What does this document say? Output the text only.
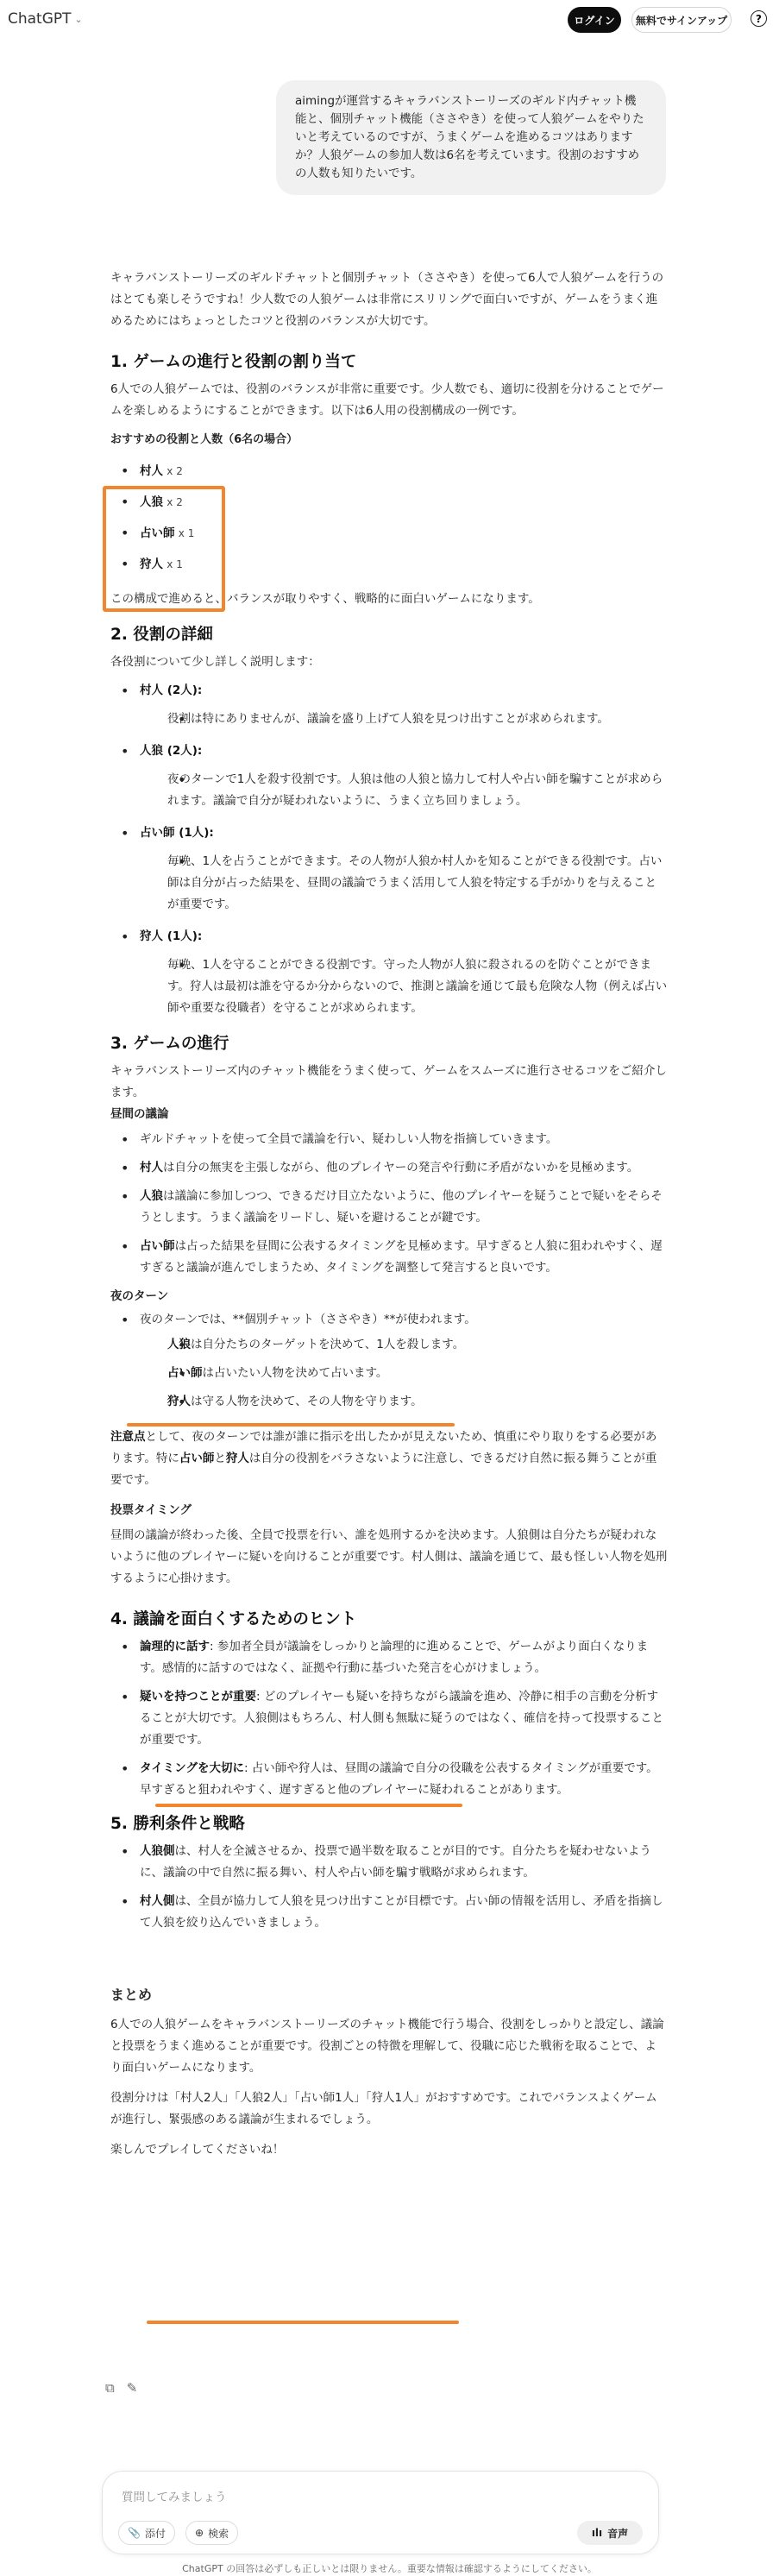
ChatGPT ⌄	ログイン	無料でサインアップ	?
aimingが運営するキャラバンストーリーズのギルド内チャット機能と、個別チャット機能（ささやき）を使って人狼ゲームをやりたいと考えているのですが、うまくゲームを進めるコツはありますか？人狼ゲームの参加人数は6名を考えています。役割のおすすめの人数も知りたいです。

キャラバンストーリーズのギルドチャットと個別チャット（ささやき）を使って6人で人狼ゲームを行うのはとても楽しそうですね！少人数での人狼ゲームは非常にスリリングで面白いですが、ゲームをうまく進めるためにはちょっとしたコツと役割のバランスが大切です。

1. ゲームの進行と役割の割り当て

6人での人狼ゲームでは、役割のバランスが非常に重要です。少人数でも、適切に役割を分けることでゲームを楽しめるようにすることができます。以下は6人用の役割構成の一例です。

おすすめの役割と人数（6名の場合）
• 村人 x 2
• 人狼 x 2
• 占い師 x 1
• 狩人 x 1

この構成で進めると、バランスが取りやすく、戦略的に面白いゲームになります。

2. 役割の詳細

各役割について少し詳しく説明します：

• 村人 (2人):
• 役割は特にありませんが、議論を盛り上げて人狼を見つけ出すことが求められます。
• 人狼 (2人):
• 夜のターンで1人を殺す役割です。人狼は他の人狼と協力して村人や占い師を騙すことが求められます。議論で自分が疑われないように、うまく立ち回りましょう。
• 占い師 (1人):
• 毎晩、1人を占うことができます。その人物が人狼か村人かを知ることができる役割です。占い師は自分が占った結果を、昼間の議論でうまく活用して人狼を特定する手がかりを与えることが重要です。
• 狩人 (1人):
• 毎晩、1人を守ることができる役割です。守った人物が人狼に殺されるのを防ぐことができます。狩人は最初は誰を守るか分からないので、推測と議論を通じて最も危険な人物（例えば占い師や重要な役職者）を守ることが求められます。
3. ゲームの進行

キャラバンストーリーズ内のチャット機能をうまく使って、ゲームをスムーズに進行させるコツをご紹介します。

昼間の議論
• ギルドチャットを使って全員で議論を行い、疑わしい人物を指摘していきます。
• 村人は自分の無実を主張しながら、他のプレイヤーの発言や行動に矛盾がないかを見極めます。
• 人狼は議論に参加しつつ、できるだけ目立たないように、他のプレイヤーを疑うことで疑いをそらそうとします。うまく議論をリードし、疑いを避けることが鍵です。
• 占い師は占った結果を昼間に公表するタイミングを見極めます。早すぎると人狼に狙われやすく、遅すぎると議論が進んでしまうため、タイミングを調整して発言すると良いです。
夜のターン
• 夜のターンでは、**個別チャット（ささやき）**が使われます。
• 人狼は自分たちのターゲットを決めて、1人を殺します。
• 占い師は占いたい人物を決めて占います。
• 狩人は守る人物を決めて、その人物を守ります。

注意点として、夜のターンでは誰が誰に指示を出したかが見えないため、慎重にやり取りをする必要があります。特に占い師と狩人は自分の役割をバラさないように注意し、できるだけ自然に振る舞うことが重要です。

投票タイミング

昼間の議論が終わった後、全員で投票を行い、誰を処刑するかを決めます。人狼側は自分たちが疑われないように他のプレイヤーに疑いを向けることが重要です。村人側は、議論を通じて、最も怪しい人物を処刑するように心掛けます。

4. 議論を面白くするためのヒント
• 論理的に話す: 参加者全員が議論をしっかりと論理的に進めることで、ゲームがより面白くなります。感情的に話すのではなく、証拠や行動に基づいた発言を心がけましょう。
• 疑いを持つことが重要: どのプレイヤーも疑いを持ちながら議論を進め、冷静に相手の言動を分析することが大切です。人狼側はもちろん、村人側も無駄に疑うのではなく、確信を持って投票することが重要です。
• タイミングを大切に: 占い師や狩人は、昼間の議論で自分の役職を公表するタイミングが重要です。早すぎると狙われやすく、遅すぎると他のプレイヤーに疑われることがあります。
5. 勝利条件と戦略
• 人狼側は、村人を全滅させるか、投票で過半数を取ることが目的です。自分たちを疑わせないように、議論の中で自然に振る舞い、村人や占い師を騙す戦略が求められます。
• 村人側は、全員が協力して人狼を見つけ出すことが目標です。占い師の情報を活用し、矛盾を指摘して人狼を絞り込んでいきましょう。
まとめ

6人での人狼ゲームをキャラバンストーリーズのチャット機能で行う場合、役割をしっかりと設定し、議論と投票をうまく進めることが重要です。役割ごとの特徴を理解して、役職に応じた戦術を取ることで、より面白いゲームになります。

役割分けは「村人2人」「人狼2人」「占い師1人」「狩人1人」がおすすめです。これでバランスよくゲームが進行し、緊張感のある議論が生まれるでしょう。

楽しんでプレイしてくださいね！

⧉ ✎
質問してみましょう
📎 添付	⊕ 検索	ılı 音声
ChatGPT の回答は必ずしも正しいとは限りません。重要な情報は確認するようにしてください。
